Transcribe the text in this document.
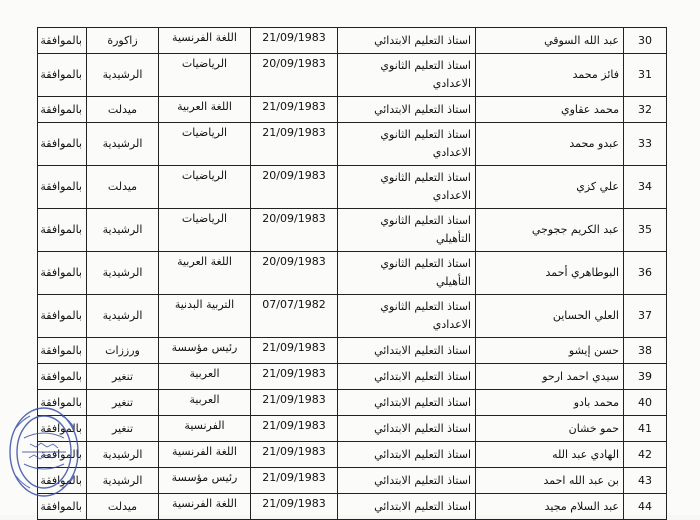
30	عبد الله السوقي	استاذ التعليم الابتدائي	21/09/1983	اللغة الفرنسية	زاكورة	بالموافقة
31	فائز محمد	استاذ التعليم الثانوي الاعدادي	20/09/1983	الرياضيات	الرشيدية	بالموافقة
32	محمد عقاوي	استاذ التعليم الابتدائي	21/09/1983	اللغة العربية	ميدلت	بالموافقة
33	عبدو محمد	استاذ التعليم الثانوي الاعدادي	21/09/1983	الرياضيات	الرشيدية	بالموافقة
34	علي كزي	استاذ التعليم الثانوي الاعدادي	20/09/1983	الرياضيات	ميدلت	بالموافقة
35	عبد الكريم ججوجي	استاذ التعليم الثانوي التأهيلي	20/09/1983	الرياضيات	الرشيدية	بالموافقة
36	البوطاهري أحمد	استاذ التعليم الثانوي التأهيلي	20/09/1983	اللغة العربية	الرشيدية	بالموافقة
37	العلي الحساين	استاذ التعليم الثانوي الاعدادي	07/07/1982	التربية البدنية	الرشيدية	بالموافقة
38	حسن إيشو	استاذ التعليم الابتدائي	21/09/1983	رئيس مؤسسة	ورززات	بالموافقة
39	سيدي احمد ارحو	استاذ التعليم الابتدائي	21/09/1983	العربية	تنغير	بالموافقة
40	محمد بادو	استاذ التعليم الابتدائي	21/09/1983	العربية	تنغير	بالموافقة
41	حمو خشان	استاذ التعليم الابتدائي	21/09/1983	الفرنسية	تنغير	بالموافقة
42	الهادي عبد الله	استاذ التعليم الابتدائي	21/09/1983	اللغة الفرنسية	الرشيدية	بالموافقة
43	بن عبد الله احمد	استاذ التعليم الابتدائي	21/09/1983	رئيس مؤسسة	الرشيدية	بالموافقة
44	عبد السلام مجيد	استاذ التعليم الابتدائي	21/09/1983	اللغة الفرنسية	ميدلت	بالموافقة
